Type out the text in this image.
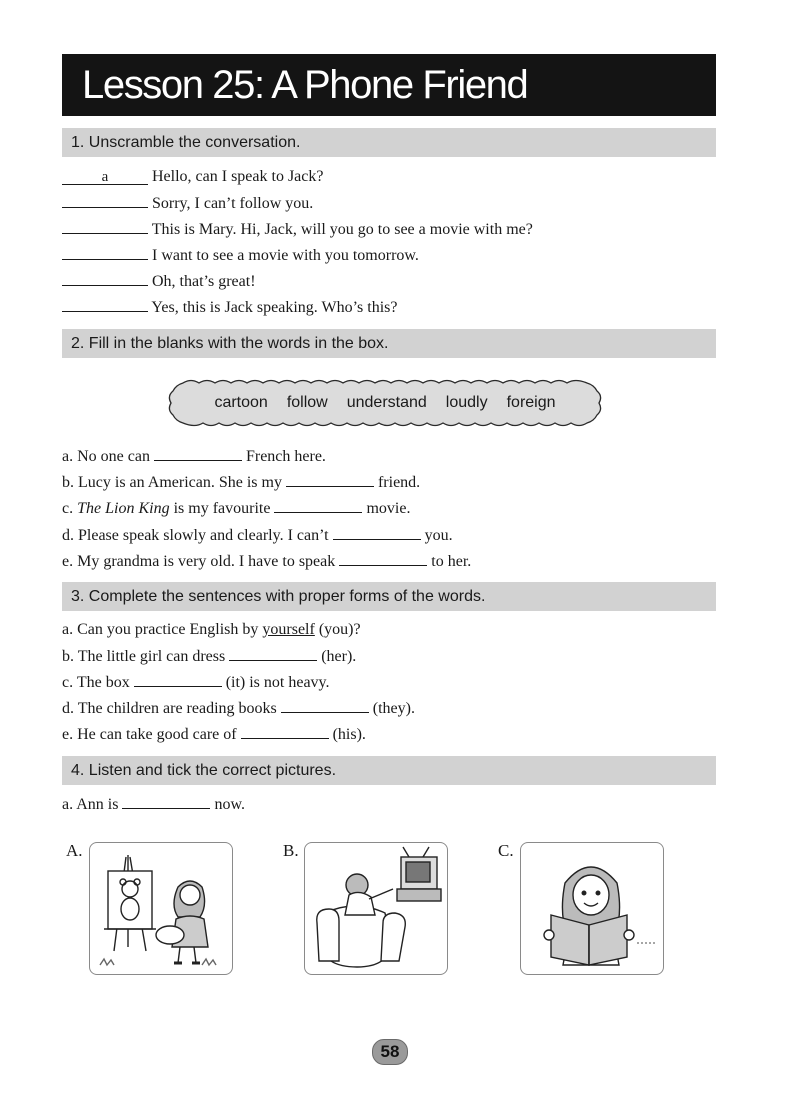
Lesson 25: A Phone Friend
1. Unscramble the conversation.
a	Hello, can I speak to Jack?
Sorry, I can’t follow you.
This is Mary. Hi, Jack, will you go to see a movie with me?
I want to see a movie with you tomorrow.
Oh, that’s great!
Yes, this is Jack speaking. Who’s this?
2. Fill in the blanks with the words in the box.
cartoon follow understand loudly foreign
a. No one can	French here.
b. Lucy is an American. She is my	friend.
c. The Lion King is my favourite	movie.
d. Please speak slowly and clearly. I can’t	you.
e. My grandma is very old. I have to speak	to her.
3. Complete the sentences with proper forms of the words.
a. Can you practice English by yourself (you)?
b. The little girl can dress	(her).
c. The box	(it) is not heavy.
d. The children are reading books	(they).
e. He can take good care of	(his).
4. Listen and tick the correct pictures.
a. Ann is	now.
A.	B.	C.
58
